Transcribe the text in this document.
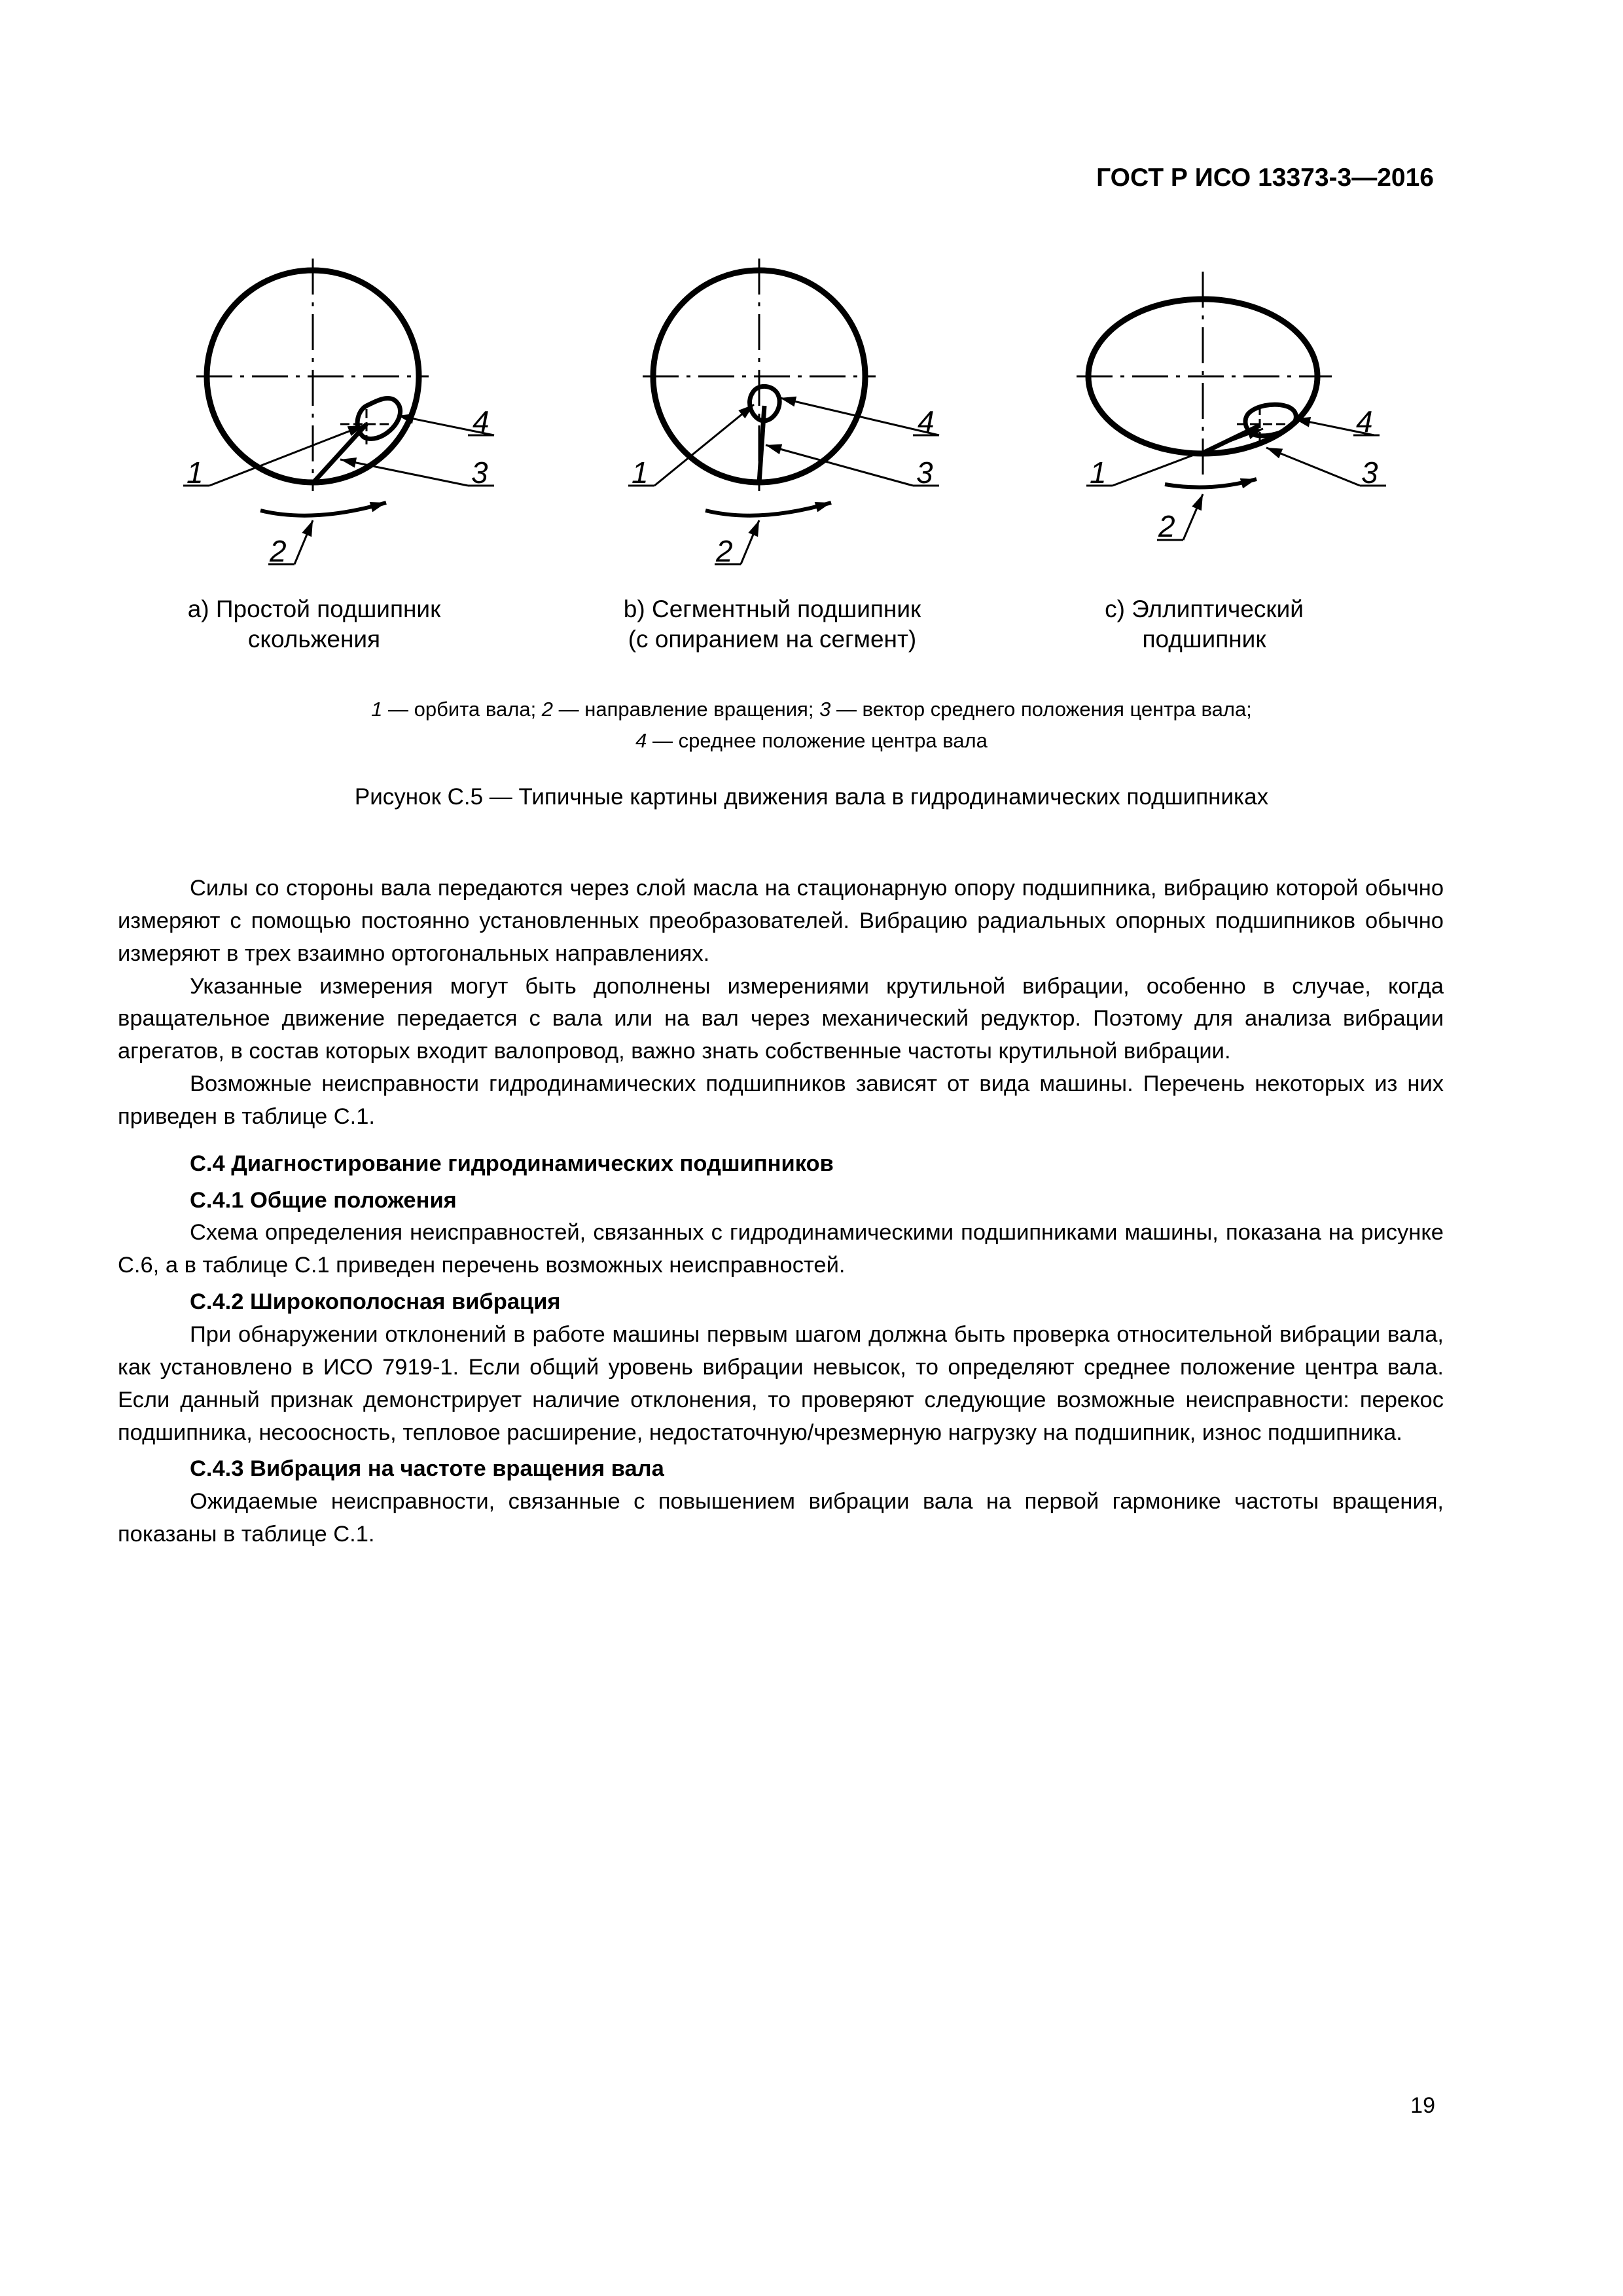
ГОСТ Р ИСО 13373-3—2016
1
2
3
4
1
2
3
4
1
2
3
4
a) Простой подшипник
скольжения
b) Сегментный подшипник
(с опиранием на сегмент)
c) Эллиптический
подшипник
1 — орбита вала; 2 — направление вращения; 3 — вектор среднего положения центра вала;
4 — среднее положение центра вала
Рисунок С.5 — Типичные картины движения вала в гидродинамических подшипниках

Силы со стороны вала передаются через слой масла на стационарную опору подшипника, вибрацию которой обычно измеряют с помощью постоянно установленных преобразователей. Вибрацию радиальных опорных подшипников обычно измеряют в трех взаимно ортогональных направлениях.

Указанные измерения могут быть дополнены измерениями крутильной вибрации, особенно в случае, когда вращательное движение передается с вала или на вал через механический редуктор. Поэтому для анализа вибрации агрегатов, в состав которых входит валопровод, важно знать собственные частоты крутильной вибрации.

Возможные неисправности гидродинамических подшипников зависят от вида машины. Перечень некоторых из них приведен в таблице С.1.

С.4 Диагностирование гидродинамических подшипников
С.4.1 Общие положения

Схема определения неисправностей, связанных с гидродинамическими подшипниками машины, показана на рисунке С.6, а в таблице С.1 приведен перечень возможных неисправностей.

С.4.2 Широкополосная вибрация

При обнаружении отклонений в работе машины первым шагом должна быть проверка относительной вибрации вала, как установлено в ИСО 7919-1. Если общий уровень вибрации невысок, то определяют среднее положение центра вала. Если данный признак демонстрирует наличие отклонения, то проверяют следующие возможные неисправности: перекос подшипника, несоосность, тепловое расширение, недостаточную/чрезмерную нагрузку на подшипник, износ подшипника.

С.4.3 Вибрация на частоте вращения вала

Ожидаемые неисправности, связанные с повышением вибрации вала на первой гармонике частоты вращения, показаны в таблице С.1.

19
